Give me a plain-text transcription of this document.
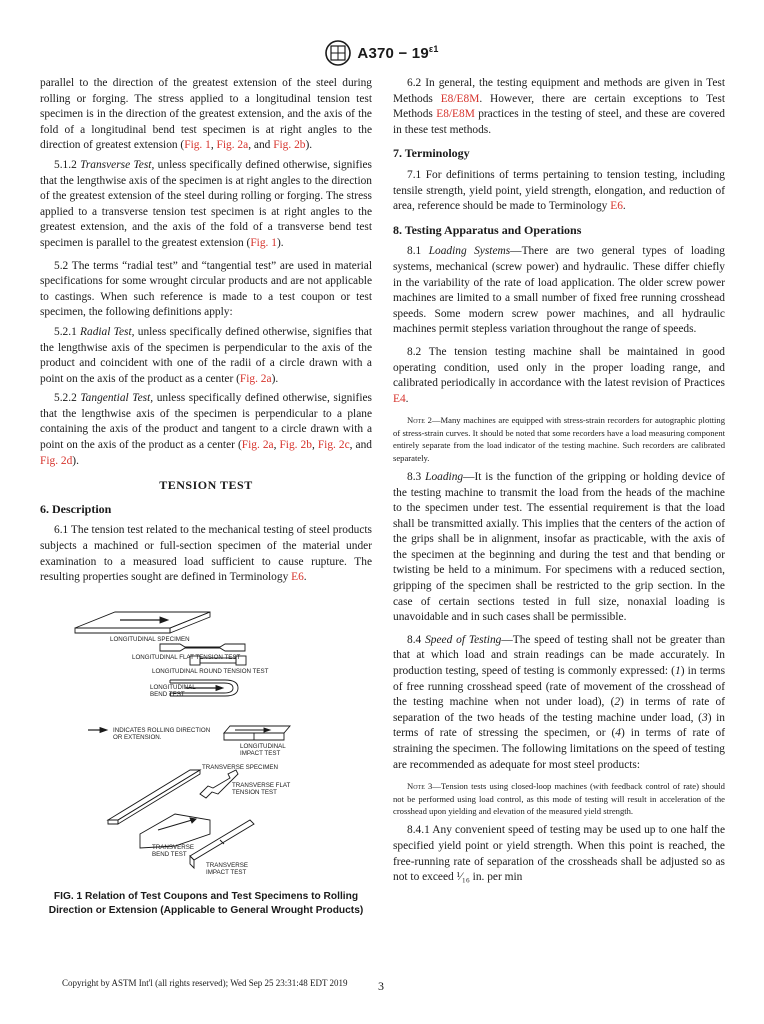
$A370 - 19^{\varepsilon 1}$

parallel to the direction of the greatest extension of the steel during rolling or forging. The stress applied to a longitudinal tension test specimen is in the direction of the greatest extension, and the axis of the fold of a longitudinal bend test specimen is at right angles to the direction of greatest extension (Fig. 1, Fig. 2a, and Fig. 2b).

5.1.2 Transverse Test, unless specifically defined otherwise, signifies that the lengthwise axis of the specimen is at right angles to the direction of the greatest extension of the steel during rolling or forging. The stress applied to a transverse tension test specimen is at right angles to the greatest extension, and the axis of the fold of a transverse bend test specimen is parallel to the greatest extension (Fig. 1).

5.2 The terms “radial test” and “tangential test” are used in material specifications for some wrought circular products and are not applicable to castings. When such reference is made to a test coupon or test specimen, the following definitions apply:

5.2.1 Radial Test, unless specifically defined otherwise, signifies that the lengthwise axis of the specimen is perpendicular to the axis of the product and coincident with one of the radii of a circle drawn with a point on the axis of the product as a center (Fig. 2a).

5.2.2 Tangential Test, unless specifically defined otherwise, signifies that the lengthwise axis of the specimen is perpendicular to a plane containing the axis of the product and tangent to a circle drawn with a point on the axis of the product as a center (Fig. 2a, Fig. 2b, Fig. 2c, and Fig. 2d).

TENSION TEST
6. Description

6.1 The tension test related to the mechanical testing of steel products subjects a machined or full-section specimen of the material under examination to a measured load sufficient to cause rupture. The resulting properties sought are defined in Terminology E6.

LONGITUDINAL SPECIMEN
LONGITUDINAL FLAT TENSION TEST
LONGITUDINAL ROUND TENSION TEST
LONGITUDINAL
BEND TEST
INDICATES ROLLING DIRECTION
OR EXTENSION.
LONGITUDINAL
IMPACT TEST
TRANSVERSE SPECIMEN
TRANSVERSE FLAT
TENSION TEST
TRANSVERSE
BEND TEST
TRANSVERSE
IMPACT TEST
FIG. 1 Relation of Test Coupons and Test Specimens to Rolling
Direction or Extension (Applicable to General Wrought Products)

6.2 In general, the testing equipment and methods are given in Test Methods E8/E8M. However, there are certain exceptions to Test Methods E8/E8M practices in the testing of steel, and these are covered in these test methods.

7. Terminology

7.1 For definitions of terms pertaining to tension testing, including tensile strength, yield point, yield strength, elongation, and reduction of area, reference should be made to Terminology E6.

8. Testing Apparatus and Operations

8.1 Loading Systems—There are two general types of loading systems, mechanical (screw power) and hydraulic. These differ chiefly in the variability of the rate of load application. The older screw power machines are limited to a small number of fixed free running crosshead speeds. Some modern screw power machines, and all hydraulic machines permit stepless variation throughout the range of speeds.

8.2 The tension testing machine shall be maintained in good operating condition, used only in the proper loading range, and calibrated periodically in accordance with the latest revision of Practices E4.

Note 2—Many machines are equipped with stress-strain recorders for autographic plotting of stress-strain curves. It should be noted that some recorders have a load measuring component entirely separate from the load indicator of the testing machine. Such recorders are calibrated separately.

8.3 Loading—It is the function of the gripping or holding device of the testing machine to transmit the load from the heads of the machine to the specimen under test. The essential requirement is that the load shall be transmitted axially. This implies that the centers of the action of the grips shall be in alignment, insofar as practicable, with the axis of the specimen at the beginning and during the test and that bending or twisting be held to a minimum. For specimens with a reduced section, gripping of the specimen shall be restricted to the grip section. In the case of certain sections tested in full size, nonaxial loading is unavoidable and in such cases shall be permissible.

8.4 Speed of Testing—The speed of testing shall not be greater than that at which load and strain readings can be made accurately. In production testing, speed of testing is commonly expressed: (1) in terms of free running crosshead speed (rate of movement of the crosshead of the testing machine when not under load), (2) in terms of rate of separation of the two heads of the testing machine under load, (3) in terms of rate of stressing the specimen, or (4) in terms of rate of straining the specimen. The following limitations on the speed of testing are recommended as adequate for most steel products:

Note 3—Tension tests using closed-loop machines (with feedback control of rate) should not be performed using load control, as this mode of testing will result in acceleration of the crosshead upon yielding and elevation of the measured yield strength.

8.4.1 Any convenient speed of testing may be used up to one half the specified yield point or yield strength. When this point is reached, the free-running rate of separation of the crossheads shall be adjusted so as not to exceed ¹⁄₁₆ in. per min

Copyright by ASTM Int'l (all rights reserved); Wed Sep 25 23:31:48 EDT 2019	3
